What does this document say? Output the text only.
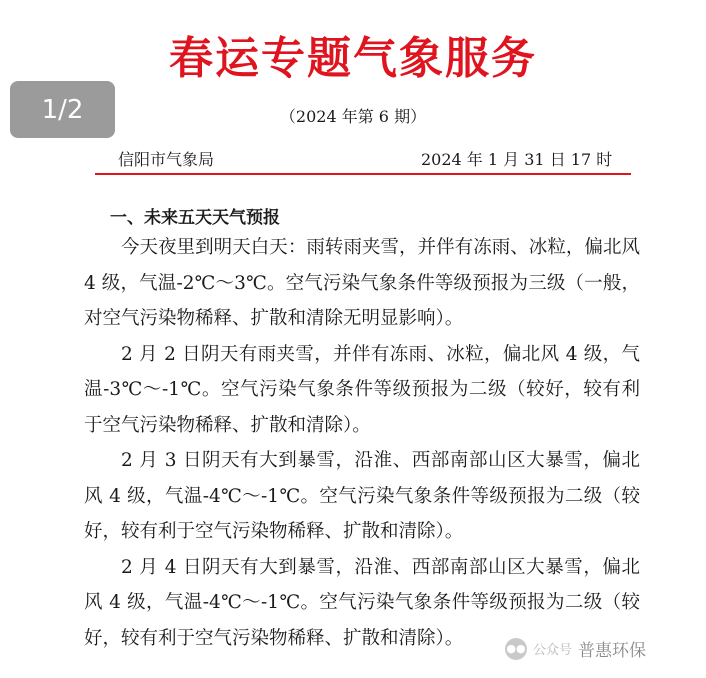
1/2
春运专题气象服务
（2024 年第 6 期）
信阳市气象局	2024 年 1 月 31 日 17 时
一、未来五天天气预报

今天夜里到明天白天：雨转雨夹雪，并伴有冻雨、冰粒，偏北风 4 级，气温-2℃～3℃。空气污染气象条件等级预报为三级（一般，对空气污染物稀释、扩散和清除无明显影响）。

2 月 2 日阴天有雨夹雪，并伴有冻雨、冰粒，偏北风 4 级，气温-3℃～-1℃。空气污染气象条件等级预报为二级（较好，较有利于空气污染物稀释、扩散和清除）。

2 月 3 日阴天有大到暴雪，沿淮、西部南部山区大暴雪，偏北风 4 级，气温-4℃～-1℃。空气污染气象条件等级预报为二级（较好，较有利于空气污染物稀释、扩散和清除）。

2 月 4 日阴天有大到暴雪，沿淮、西部南部山区大暴雪，偏北风 4 级，气温-4℃～-1℃。空气污染气象条件等级预报为二级（较好，较有利于空气污染物稀释、扩散和清除）。	●● 公众号 普惠环保
